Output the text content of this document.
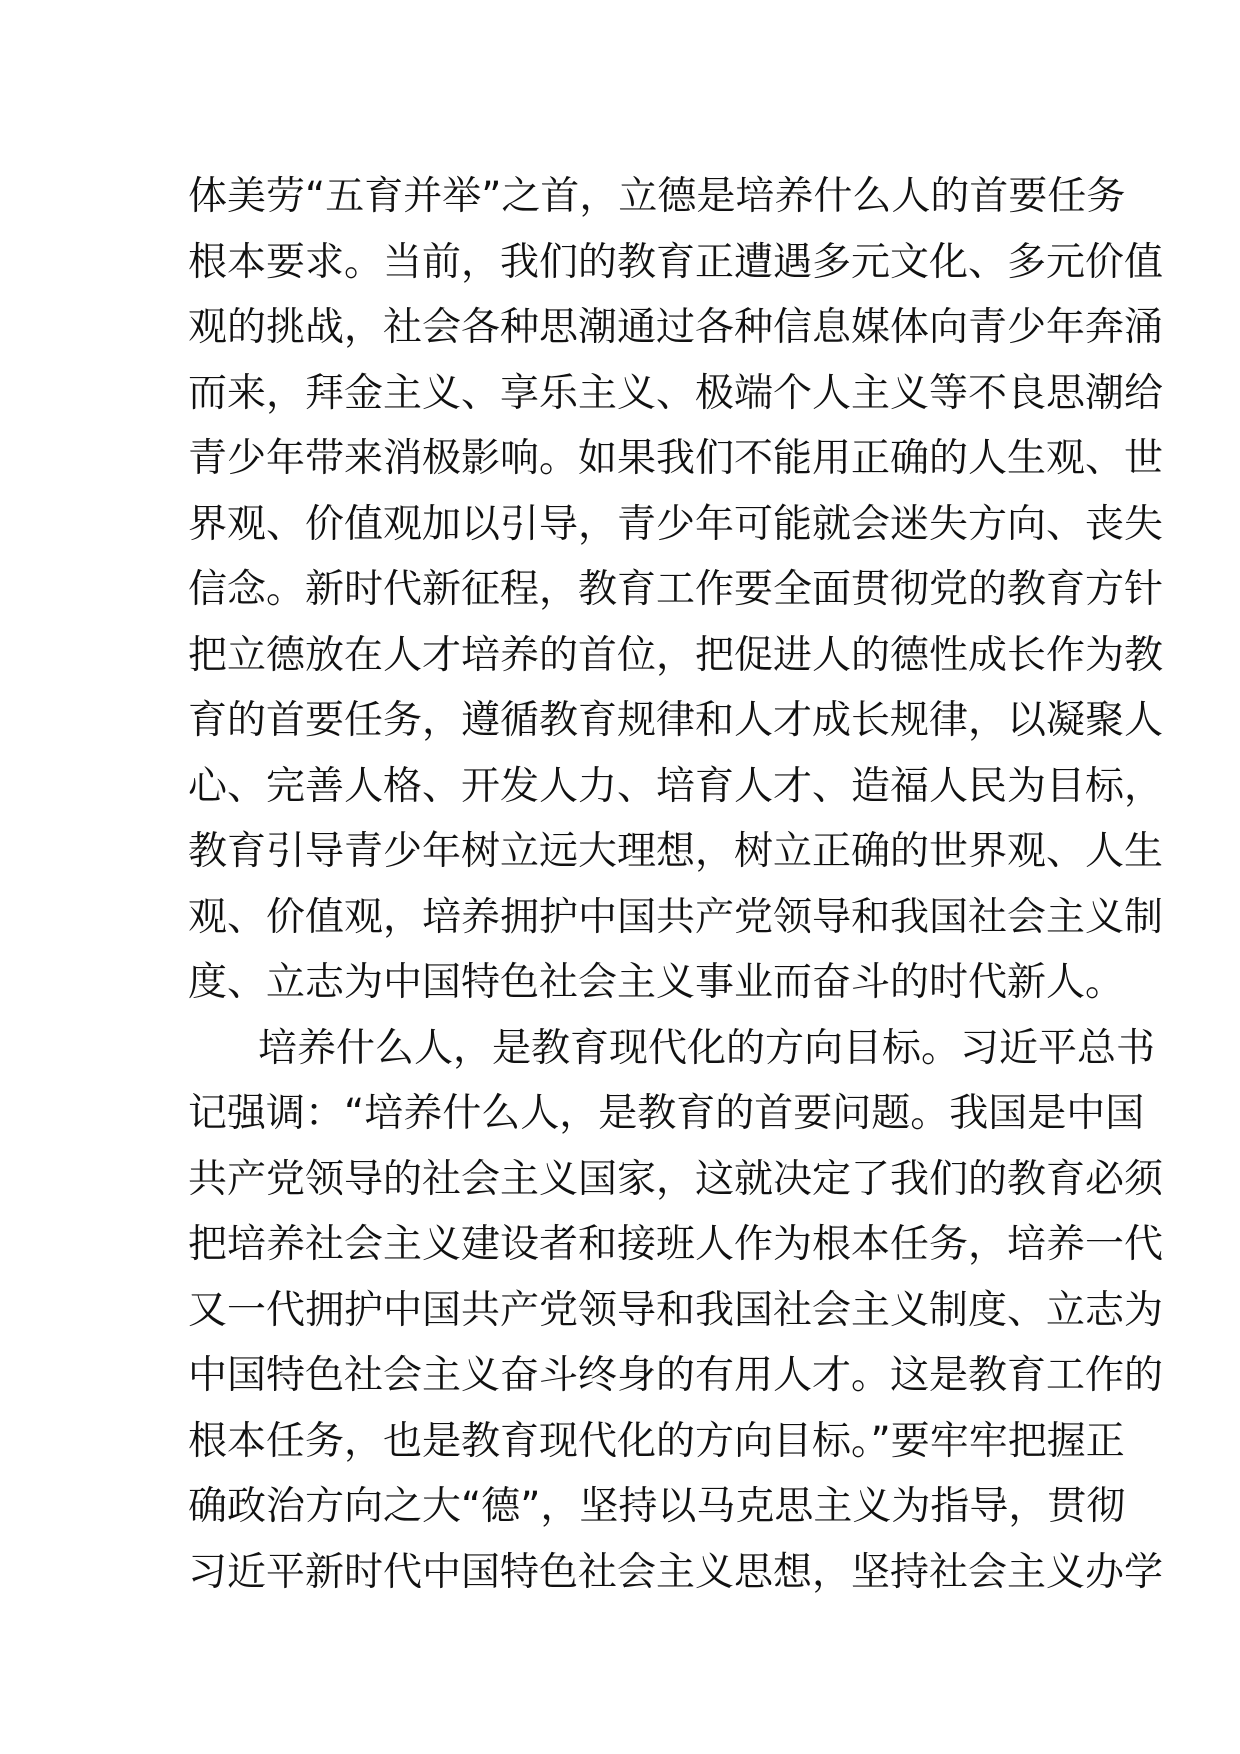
体美劳“五育并举”之首，立德是培养什么人的首要任务
根本要求。当前，我们的教育正遭遇多元文化、多元价值
观的挑战，社会各种思潮通过各种信息媒体向青少年奔涌
而来，拜金主义、享乐主义、极端个人主义等不良思潮给
青少年带来消极影响。如果我们不能用正确的人生观、世
界观、价值观加以引导，青少年可能就会迷失方向、丧失
信念。新时代新征程，教育工作要全面贯彻党的教育方针
把立德放在人才培养的首位，把促进人的德性成长作为教
育的首要任务，遵循教育规律和人才成长规律，以凝聚人
心、完善人格、开发人力、培育人才、造福人民为目标，
教育引导青少年树立远大理想，树立正确的世界观、人生
观、价值观，培养拥护中国共产党领导和我国社会主义制
度、立志为中国特色社会主义事业而奋斗的时代新人。
培养什么人，是教育现代化的方向目标。习近平总书
记强调：“培养什么人，是教育的首要问题。我国是中国
共产党领导的社会主义国家，这就决定了我们的教育必须
把培养社会主义建设者和接班人作为根本任务，培养一代
又一代拥护中国共产党领导和我国社会主义制度、立志为
中国特色社会主义奋斗终身的有用人才。这是教育工作的
根本任务，也是教育现代化的方向目标。”要牢牢把握正
确政治方向之大“德”，坚持以马克思主义为指导，贯彻
习近平新时代中国特色社会主义思想，坚持社会主义办学
